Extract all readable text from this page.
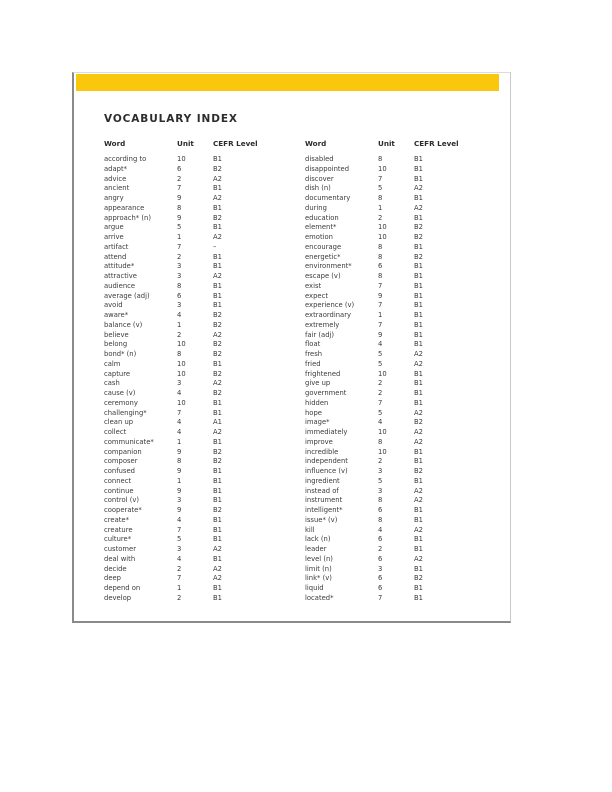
VOCABULARY INDEX
Word	Unit	CEFR Level
according to	10	B1
adapt*	6	B2
advice	2	A2
ancient	7	B1
angry	9	A2
appearance	8	B1
approach* (n)	9	B2
argue	5	B1
arrive	1	A2
artifact	7	–
attend	2	B1
attitude*	3	B1
attractive	3	A2
audience	8	B1
average (adj)	6	B1
avoid	3	B1
aware*	4	B2
balance (v)	1	B2
believe	2	A2
belong	10	B2
bond* (n)	8	B2
calm	10	B1
capture	10	B2
cash	3	A2
cause (v)	4	B2
ceremony	10	B1
challenging*	7	B1
clean up	4	A1
collect	4	A2
communicate*	1	B1
companion	9	B2
composer	8	B2
confused	9	B1
connect	1	B1
continue	9	B1
control (v)	3	B1
cooperate*	9	B2
create*	4	B1
creature	7	B1
culture*	5	B1
customer	3	A2
deal with	4	B1
decide	2	A2
deep	7	A2
depend on	1	B1
develop	2	B1
Word	Unit	CEFR Level
disabled	8	B1
disappointed	10	B1
discover	7	B1
dish (n)	5	A2
documentary	8	B1
during	1	A2
education	2	B1
element*	10	B2
emotion	10	B2
encourage	8	B1
energetic*	8	B2
environment*	6	B1
escape (v)	8	B1
exist	7	B1
expect	9	B1
experience (v)	7	B1
extraordinary	1	B1
extremely	7	B1
fair (adj)	9	B1
float	4	B1
fresh	5	A2
fried	5	A2
frightened	10	B1
give up	2	B1
government	2	B1
hidden	7	B1
hope	5	A2
image*	4	B2
immediately	10	A2
improve	8	A2
incredible	10	B1
independent	2	B1
influence (v)	3	B2
ingredient	5	B1
instead of	3	A2
instrument	8	A2
intelligent*	6	B1
issue* (v)	8	B1
kill	4	A2
lack (n)	6	B1
leader	2	B1
level (n)	6	A2
limit (n)	3	B1
link* (v)	6	B2
liquid	6	B1
located*	7	B1
